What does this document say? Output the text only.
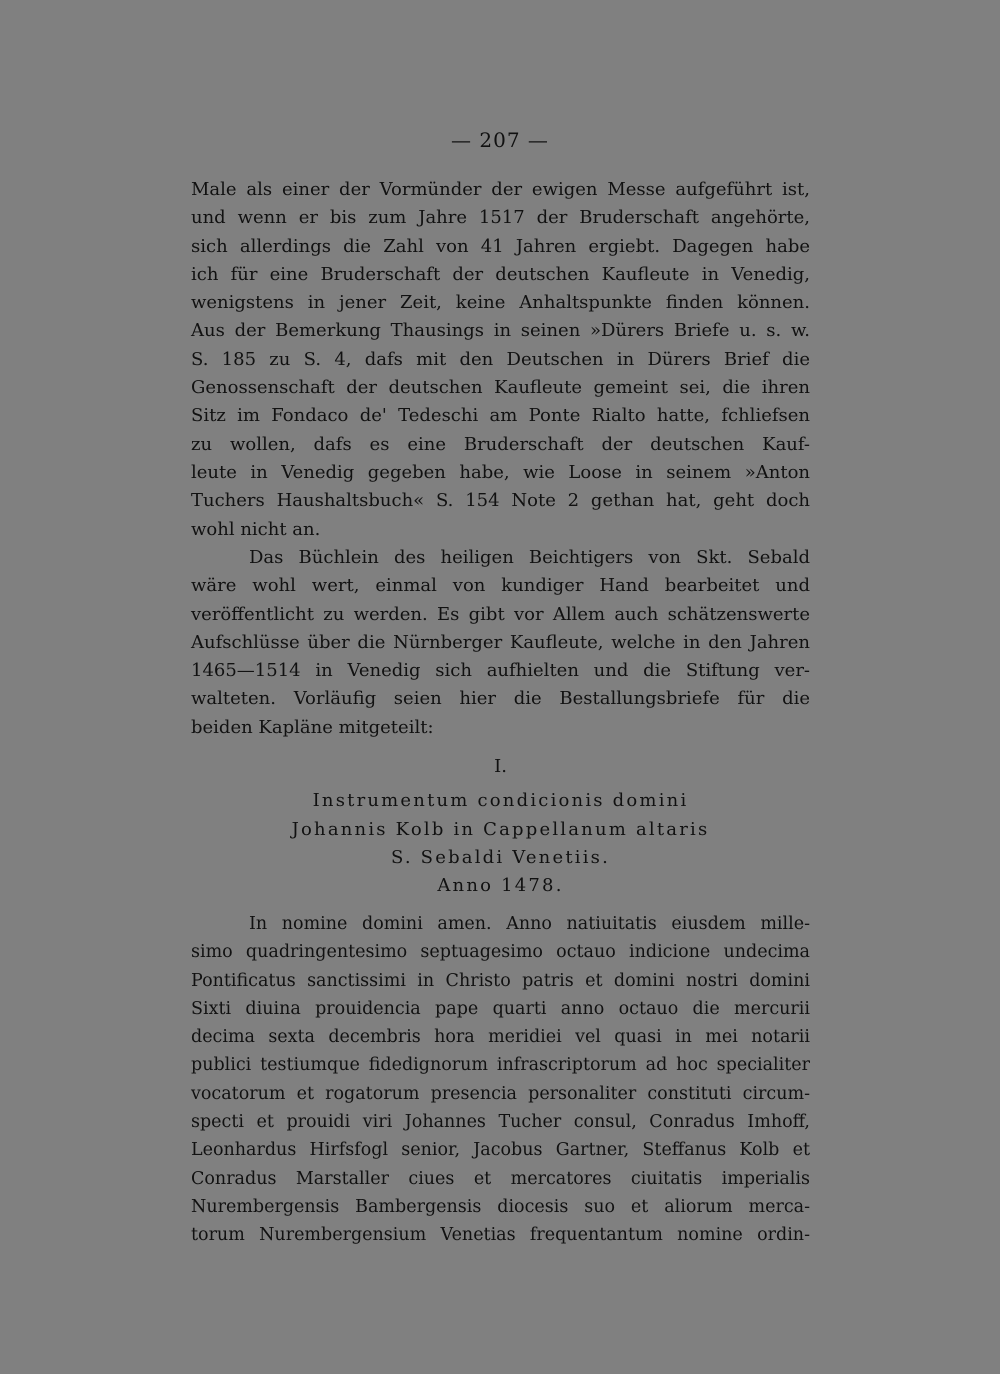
— 207 —
Male als einer der Vormünder der ewigen Messe aufgeführt ist,
und wenn er bis zum Jahre 1517 der Bruderschaft angehörte,
sich allerdings die Zahl von 41 Jahren ergiebt. Dagegen habe
ich für eine Bruderschaft der deutschen Kaufleute in Venedig,
wenigstens in jener Zeit, keine Anhaltspunkte finden können.
Aus der Bemerkung Thausings in seinen »Dürers Briefe u. s. w.
S. 185 zu S. 4, dafs mit den Deutschen in Dürers Brief die
Genossenschaft der deutschen Kaufleute gemeint sei, die ihren
Sitz im Fondaco de' Tedeschi am Ponte Rialto hatte, fchliefsen
zu wollen, dafs es eine Bruderschaft der deutschen Kauf-
leute in Venedig gegeben habe, wie Loose in seinem »Anton
Tuchers Haushaltsbuch« S. 154 Note 2 gethan hat, geht doch
wohl nicht an.
Das Büchlein des heiligen Beichtigers von Skt. Sebald
wäre wohl wert, einmal von kundiger Hand bearbeitet und
veröffentlicht zu werden. Es gibt vor Allem auch schätzenswerte
Aufschlüsse über die Nürnberger Kaufleute, welche in den Jahren
1465—1514 in Venedig sich aufhielten und die Stiftung ver-
walteten. Vorläufig seien hier die Bestallungsbriefe für die
beiden Kapläne mitgeteilt:
I.
Instrumentum condicionis domini
Johannis Kolb in Cappellanum altaris
S. Sebaldi Venetiis.
Anno 1478.
In nomine domini amen. Anno natiuitatis eiusdem mille-
simo quadringentesimo septuagesimo octauo indicione undecima
Pontificatus sanctissimi in Christo patris et domini nostri domini
Sixti diuina prouidencia pape quarti anno octauo die mercurii
decima sexta decembris hora meridiei vel quasi in mei notarii
publici testiumque fidedignorum infrascriptorum ad hoc specialiter
vocatorum et rogatorum presencia personaliter constituti circum-
specti et prouidi viri Johannes Tucher consul, Conradus Imhoff,
Leonhardus Hirfsfogl senior, Jacobus Gartner, Steffanus Kolb et
Conradus Marstaller ciues et mercatores ciuitatis imperialis
Nurembergensis Bambergensis diocesis suo et aliorum merca-
torum Nurembergensium Venetias frequentantum nomine ordin-
